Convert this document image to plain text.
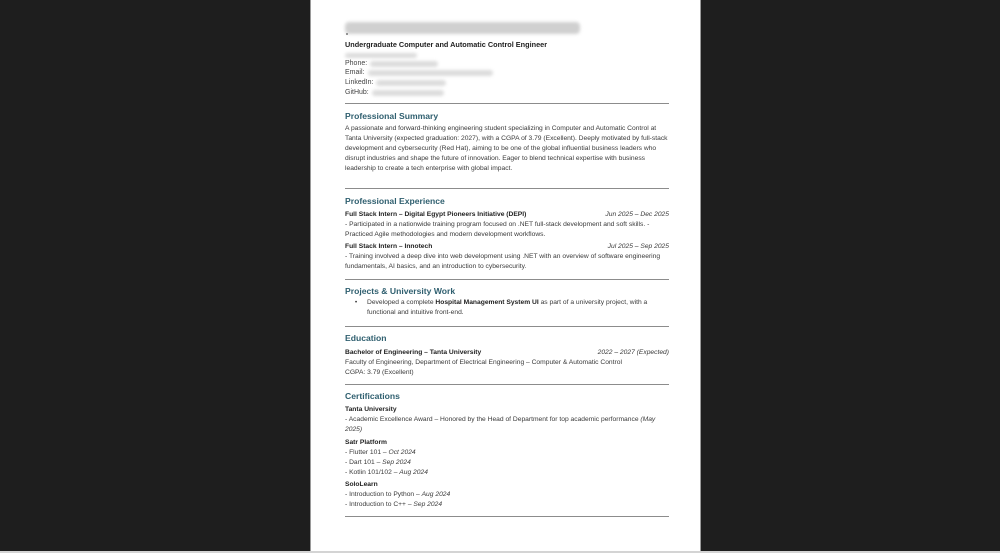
Undergraduate Computer and Automatic Control Engineer
Phone:
Email:
LinkedIn:
GitHub:
Professional Summary
A passionate and forward-thinking engineering student specializing in Computer and Automatic Control at Tanta University (expected graduation: 2027), with a CGPA of 3.79 (Excellent). Deeply motivated by full-stack development and cybersecurity (Red Hat), aiming to be one of the global influential business leaders who disrupt industries and shape the future of innovation. Eager to blend technical expertise with business leadership to create a tech enterprise with global impact.
Professional Experience
Full Stack Intern – Digital Egypt Pioneers Initiative (DEPI)	Jun 2025 – Dec 2025
- Participated in a nationwide training program focused on .NET full-stack development and soft skills. - Practiced Agile methodologies and modern development workflows.
Full Stack Intern – Innotech	Jul 2025 – Sep 2025
- Training involved a deep dive into web development using .NET with an overview of software engineering fundamentals, AI basics, and an introduction to cybersecurity.
Projects & University Work
•	Developed a complete Hospital Management System UI as part of a university project, with a functional and intuitive front-end.
Education
Bachelor of Engineering – Tanta University	2022 – 2027 (Expected)
Faculty of Engineering, Department of Electrical Engineering – Computer & Automatic Control
CGPA: 3.79 (Excellent)
Certifications
Tanta University
- Academic Excellence Award – Honored by the Head of Department for top academic performance (May 2025)
Satr Platform
- Flutter 101 – Oct 2024
- Dart 101 – Sep 2024
- Kotlin 101/102 – Aug 2024
SoloLearn
- Introduction to Python – Aug 2024
- Introduction to C++ – Sep 2024
